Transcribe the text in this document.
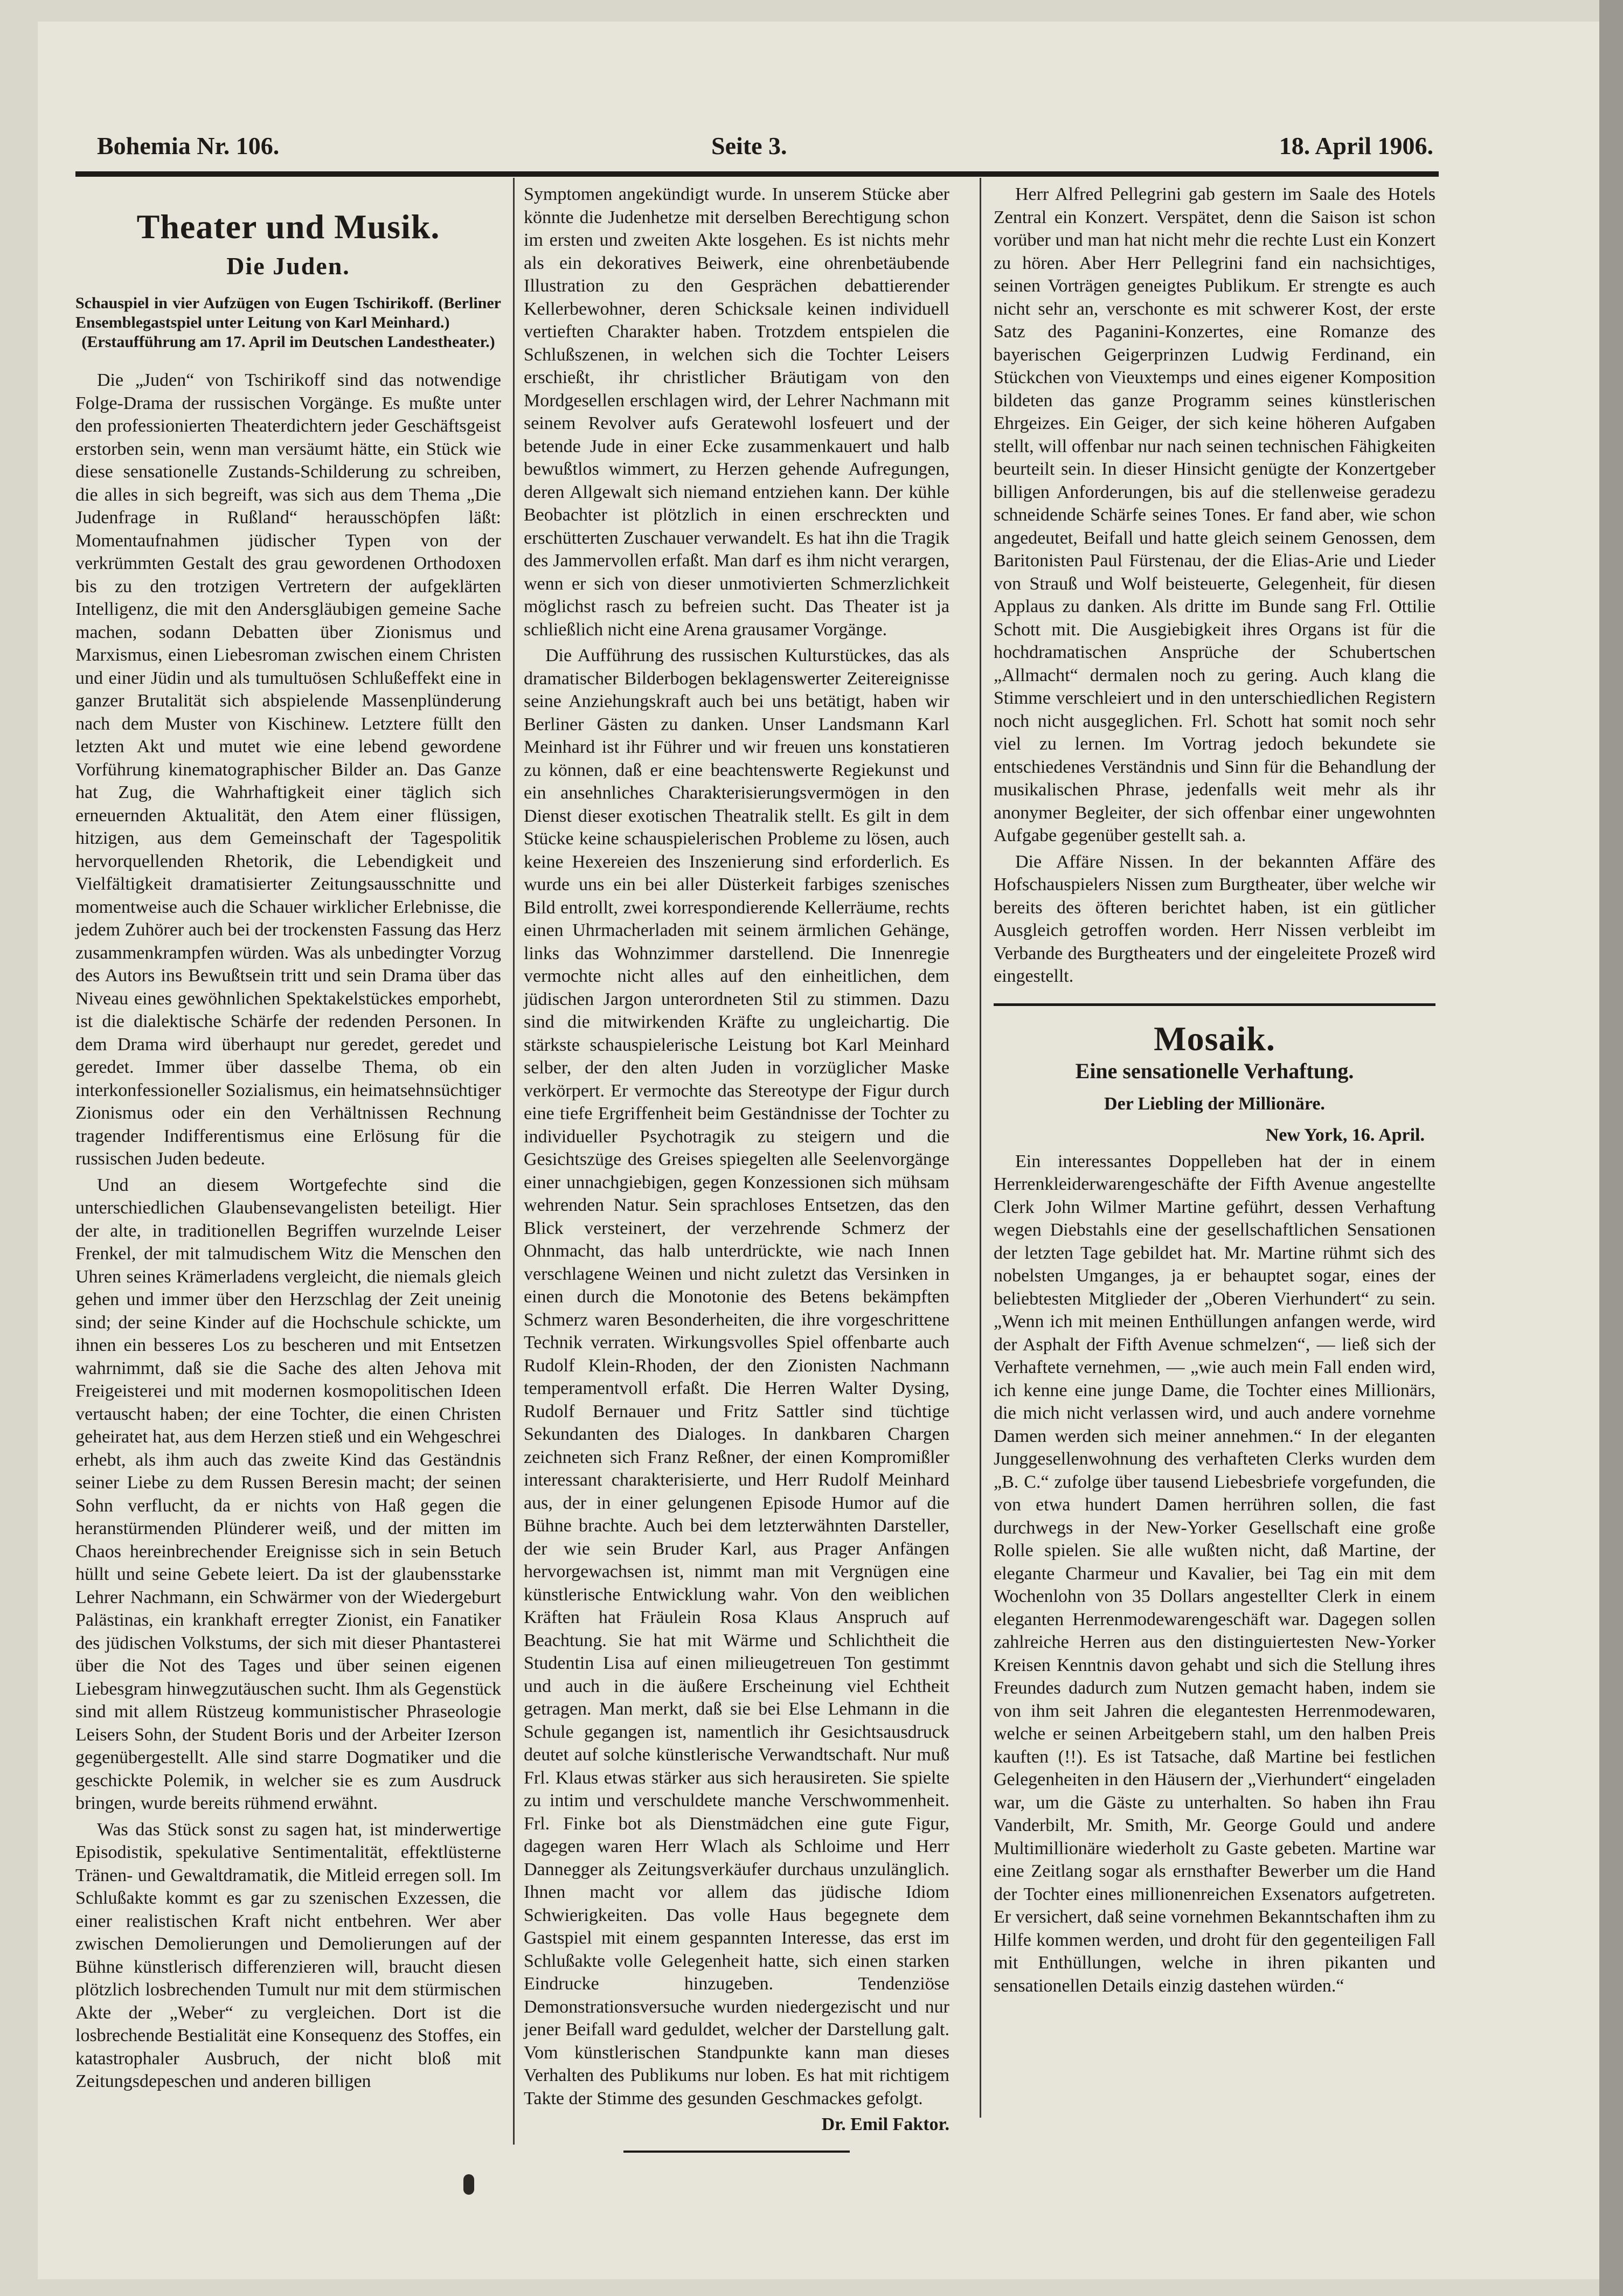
Bohemia Nr. 106.	Seite 3.	18. April 1906.
Theater und Musik.
Die Juden.

Schauspiel in vier Aufzügen von Eugen Tschirikoff. (Berliner Ensemblegastspiel unter Leitung von Karl Meinhard.)

(Erstaufführung am 17. April im Deutschen Landestheater.)

Die „Juden“ von Tschirikoff sind das notwendige Folge-Drama der russischen Vorgänge. Es mußte unter den professionierten Theaterdichtern jeder Geschäftsgeist erstorben sein, wenn man versäumt hätte, ein Stück wie diese sensationelle Zustands-Schilderung zu schreiben, die alles in sich begreift, was sich aus dem Thema „Die Judenfrage in Rußland“ herausschöpfen läßt: Momentaufnahmen jüdischer Typen von der verkrümmten Gestalt des grau gewordenen Orthodoxen bis zu den trotzigen Vertretern der aufgeklärten Intelligenz, die mit den Andersgläubigen gemeine Sache machen, sodann Debatten über Zionismus und Marxismus, einen Liebesroman zwischen einem Christen und einer Jüdin und als tumultuösen Schlußeffekt eine in ganzer Brutalität sich abspielende Massenplünderung nach dem Muster von Kischinew. Letztere füllt den letzten Akt und mutet wie eine lebend gewordene Vorführung kinematographischer Bilder an. Das Ganze hat Zug, die Wahrhaftigkeit einer täglich sich erneuernden Aktualität, den Atem einer flüssigen, hitzigen, aus dem Gemeinschaft der Tagespolitik hervorquellenden Rhetorik, die Lebendigkeit und Vielfältigkeit dramatisierter Zeitungsausschnitte und momentweise auch die Schauer wirklicher Erlebnisse, die jedem Zuhörer auch bei der trockensten Fassung das Herz zusammenkrampfen würden. Was als unbedingter Vorzug des Autors ins Bewußtsein tritt und sein Drama über das Niveau eines gewöhnlichen Spektakelstückes emporhebt, ist die dialektische Schärfe der redenden Personen. In dem Drama wird überhaupt nur geredet, geredet und geredet. Immer über dasselbe Thema, ob ein interkonfessioneller Sozialismus, ein heimatsehnsüchtiger Zionismus oder ein den Verhältnissen Rechnung tragender Indifferentismus eine Erlösung für die russischen Juden bedeute.

Und an diesem Wortgefechte sind die unterschiedlichen Glaubensevangelisten beteiligt. Hier der alte, in traditionellen Begriffen wurzelnde Leiser Frenkel, der mit talmudischem Witz die Menschen den Uhren seines Krämerladens vergleicht, die niemals gleich gehen und immer über den Herzschlag der Zeit uneinig sind; der seine Kinder auf die Hochschule schickte, um ihnen ein besseres Los zu bescheren und mit Entsetzen wahrnimmt, daß sie die Sache des alten Jehova mit Freigeisterei und mit modernen kosmopolitischen Ideen vertauscht haben; der eine Tochter, die einen Christen geheiratet hat, aus dem Herzen stieß und ein Wehgeschrei erhebt, als ihm auch das zweite Kind das Geständnis seiner Liebe zu dem Russen Beresin macht; der seinen Sohn verflucht, da er nichts von Haß gegen die heranstürmenden Plünderer weiß, und der mitten im Chaos hereinbrechender Ereignisse sich in sein Betuch hüllt und seine Gebete leiert. Da ist der glaubensstarke Lehrer Nachmann, ein Schwärmer von der Wiedergeburt Palästinas, ein krankhaft erregter Zionist, ein Fanatiker des jüdischen Volkstums, der sich mit dieser Phantasterei über die Not des Tages und über seinen eigenen Liebesgram hinwegzutäuschen sucht. Ihm als Gegenstück sind mit allem Rüstzeug kommunistischer Phraseologie Leisers Sohn, der Student Boris und der Arbeiter Izerson gegenübergestellt. Alle sind starre Dogmatiker und die geschickte Polemik, in welcher sie es zum Ausdruck bringen, wurde bereits rühmend erwähnt.

Was das Stück sonst zu sagen hat, ist minderwertige Episodistik, spekulative Sentimentalität, effektlüsterne Tränen- und Gewaltdramatik, die Mitleid erregen soll. Im Schlußakte kommt es gar zu szenischen Exzessen, die einer realistischen Kraft nicht entbehren. Wer aber zwischen Demolierungen und Demolierungen auf der Bühne künstlerisch differenzieren will, braucht diesen plötzlich losbrechenden Tumult nur mit dem stürmischen Akte der „Weber“ zu vergleichen. Dort ist die losbrechende Bestialität eine Konsequenz des Stoffes, ein katastrophaler Ausbruch, der nicht bloß mit Zeitungsdepeschen und anderen billigen

Symptomen angekündigt wurde. In unserem Stücke aber könnte die Judenhetze mit derselben Berechtigung schon im ersten und zweiten Akte losgehen. Es ist nichts mehr als ein dekoratives Beiwerk, eine ohrenbetäubende Illustration zu den Gesprächen debattierender Kellerbewohner, deren Schicksale keinen individuell vertieften Charakter haben. Trotzdem entspielen die Schlußszenen, in welchen sich die Tochter Leisers erschießt, ihr christlicher Bräutigam von den Mordgesellen erschlagen wird, der Lehrer Nachmann mit seinem Revolver aufs Geratewohl losfeuert und der betende Jude in einer Ecke zusammenkauert und halb bewußtlos wimmert, zu Herzen gehende Aufregungen, deren Allgewalt sich niemand entziehen kann. Der kühle Beobachter ist plötzlich in einen erschreckten und erschütterten Zuschauer verwandelt. Es hat ihn die Tragik des Jammervollen erfaßt. Man darf es ihm nicht verargen, wenn er sich von dieser unmotivierten Schmerzlichkeit möglichst rasch zu befreien sucht. Das Theater ist ja schließlich nicht eine Arena grausamer Vorgänge.

Die Aufführung des russischen Kulturstückes, das als dramatischer Bilderbogen beklagenswerter Zeitereignisse seine Anziehungskraft auch bei uns betätigt, haben wir Berliner Gästen zu danken. Unser Landsmann Karl Meinhard ist ihr Führer und wir freuen uns konstatieren zu können, daß er eine beachtenswerte Regiekunst und ein ansehnliches Charakterisierungsvermögen in den Dienst dieser exotischen Theatralik stellt. Es gilt in dem Stücke keine schauspielerischen Probleme zu lösen, auch keine Hexereien des Inszenierung sind erforderlich. Es wurde uns ein bei aller Düsterkeit farbiges szenisches Bild entrollt, zwei korrespondierende Kellerräume, rechts einen Uhrmacherladen mit seinem ärmlichen Gehänge, links das Wohnzimmer darstellend. Die Innenregie vermochte nicht alles auf den einheitlichen, dem jüdischen Jargon unterordneten Stil zu stimmen. Dazu sind die mitwirkenden Kräfte zu ungleichartig. Die stärkste schauspielerische Leistung bot Karl Meinhard selber, der den alten Juden in vorzüglicher Maske verkörpert. Er vermochte das Stereotype der Figur durch eine tiefe Ergriffenheit beim Geständnisse der Tochter zu individueller Psychotragik zu steigern und die Gesichtszüge des Greises spiegelten alle Seelenvorgänge einer unnachgiebigen, gegen Konzessionen sich mühsam wehrenden Natur. Sein sprachloses Entsetzen, das den Blick versteinert, der verzehrende Schmerz der Ohnmacht, das halb unterdrückte, wie nach Innen verschlagene Weinen und nicht zuletzt das Versinken in einen durch die Monotonie des Betens bekämpften Schmerz waren Besonderheiten, die ihre vorgeschrittene Technik verraten. Wirkungsvolles Spiel offenbarte auch Rudolf Klein-Rhoden, der den Zionisten Nachmann temperamentvoll erfaßt. Die Herren Walter Dysing, Rudolf Bernauer und Fritz Sattler sind tüchtige Sekundanten des Dialoges. In dankbaren Chargen zeichneten sich Franz Reßner, der einen Kompromißler interessant charakterisierte, und Herr Rudolf Meinhard aus, der in einer gelungenen Episode Humor auf die Bühne brachte. Auch bei dem letzterwähnten Darsteller, der wie sein Bruder Karl, aus Prager Anfängen hervorgewachsen ist, nimmt man mit Vergnügen eine künstlerische Entwicklung wahr. Von den weiblichen Kräften hat Fräulein Rosa Klaus Anspruch auf Beachtung. Sie hat mit Wärme und Schlichtheit die Studentin Lisa auf einen milieugetreuen Ton gestimmt und auch in die äußere Erscheinung viel Echtheit getragen. Man merkt, daß sie bei Else Lehmann in die Schule gegangen ist, namentlich ihr Gesichtsausdruck deutet auf solche künstlerische Verwandtschaft. Nur muß Frl. Klaus etwas stärker aus sich herausireten. Sie spielte zu intim und verschuldete manche Verschwommenheit. Frl. Finke bot als Dienstmädchen eine gute Figur, dagegen waren Herr Wlach als Schloime und Herr Dannegger als Zeitungsverkäufer durchaus unzulänglich. Ihnen macht vor allem das jüdische Idiom Schwierigkeiten. Das volle Haus begegnete dem Gastspiel mit einem gespannten Interesse, das erst im Schlußakte volle Gelegenheit hatte, sich einen starken Eindrucke hinzugeben. Tendenziöse Demonstrationsversuche wurden niedergezischt und nur jener Beifall ward geduldet, welcher der Darstellung galt. Vom künstlerischen Standpunkte kann man dieses Verhalten des Publikums nur loben. Es hat mit richtigem Takte der Stimme des gesunden Geschmackes gefolgt.

Dr. Emil Faktor.

Herr Alfred Pellegrini gab gestern im Saale des Hotels Zentral ein Konzert. Verspätet, denn die Saison ist schon vorüber und man hat nicht mehr die rechte Lust ein Konzert zu hören. Aber Herr Pellegrini fand ein nachsichtiges, seinen Vorträgen geneigtes Publikum. Er strengte es auch nicht sehr an, verschonte es mit schwerer Kost, der erste Satz des Paganini-Konzertes, eine Romanze des bayerischen Geigerprinzen Ludwig Ferdinand, ein Stückchen von Vieuxtemps und eines eigener Komposition bildeten das ganze Programm seines künstlerischen Ehrgeizes. Ein Geiger, der sich keine höheren Aufgaben stellt, will offenbar nur nach seinen technischen Fähigkeiten beurteilt sein. In dieser Hinsicht genügte der Konzertgeber billigen Anforderungen, bis auf die stellenweise geradezu schneidende Schärfe seines Tones. Er fand aber, wie schon angedeutet, Beifall und hatte gleich seinem Genossen, dem Baritonisten Paul Fürstenau, der die Elias-Arie und Lieder von Strauß und Wolf beisteuerte, Gelegenheit, für diesen Applaus zu danken. Als dritte im Bunde sang Frl. Ottilie Schott mit. Die Ausgiebigkeit ihres Organs ist für die hochdramatischen Ansprüche der Schubertschen „Allmacht“ dermalen noch zu gering. Auch klang die Stimme verschleiert und in den unterschiedlichen Registern noch nicht ausgeglichen. Frl. Schott hat somit noch sehr viel zu lernen. Im Vortrag jedoch bekundete sie entschiedenes Verständnis und Sinn für die Behandlung der musikalischen Phrase, jedenfalls weit mehr als ihr anonymer Begleiter, der sich offenbar einer ungewohnten Aufgabe gegenüber gestellt sah. a.

Die Affäre Nissen. In der bekannten Affäre des Hofschauspielers Nissen zum Burgtheater, über welche wir bereits des öfteren berichtet haben, ist ein gütlicher Ausgleich getroffen worden. Herr Nissen verbleibt im Verbande des Burgtheaters und der eingeleitete Prozeß wird eingestellt.

Mosaik.
Eine sensationelle Verhaftung.
Der Liebling der Millionäre.
New York, 16. April.

Ein interessantes Doppelleben hat der in einem Herrenkleiderwarengeschäfte der Fifth Avenue angestellte Clerk John Wilmer Martine geführt, dessen Verhaftung wegen Diebstahls eine der gesellschaftlichen Sensationen der letzten Tage gebildet hat. Mr. Martine rühmt sich des nobelsten Umganges, ja er behauptet sogar, eines der beliebtesten Mitglieder der „Oberen Vierhundert“ zu sein. „Wenn ich mit meinen Enthüllungen anfangen werde, wird der Asphalt der Fifth Avenue schmelzen“, — ließ sich der Verhaftete vernehmen, — „wie auch mein Fall enden wird, ich kenne eine junge Dame, die Tochter eines Millionärs, die mich nicht verlassen wird, und auch andere vornehme Damen werden sich meiner annehmen.“ In der eleganten Junggesellenwohnung des verhafteten Clerks wurden dem „B. C.“ zufolge über tausend Liebesbriefe vorgefunden, die von etwa hundert Damen herrühren sollen, die fast durchwegs in der New-Yorker Gesellschaft eine große Rolle spielen. Sie alle wußten nicht, daß Martine, der elegante Charmeur und Kavalier, bei Tag ein mit dem Wochenlohn von 35 Dollars angestellter Clerk in einem eleganten Herrenmodewarengeschäft war. Dagegen sollen zahlreiche Herren aus den distinguiertesten New-Yorker Kreisen Kenntnis davon gehabt und sich die Stellung ihres Freundes dadurch zum Nutzen gemacht haben, indem sie von ihm seit Jahren die elegantesten Herrenmodewaren, welche er seinen Arbeitgebern stahl, um den halben Preis kauften (!!). Es ist Tatsache, daß Martine bei festlichen Gelegenheiten in den Häusern der „Vierhundert“ eingeladen war, um die Gäste zu unterhalten. So haben ihn Frau Vanderbilt, Mr. Smith, Mr. George Gould und andere Multimillionäre wiederholt zu Gaste gebeten. Martine war eine Zeitlang sogar als ernsthafter Bewerber um die Hand der Tochter eines millionenreichen Exsenators aufgetreten. Er versichert, daß seine vornehmen Bekanntschaften ihm zu Hilfe kommen werden, und droht für den gegenteiligen Fall mit Enthüllungen, welche in ihren pikanten und sensationellen Details einzig dastehen würden.“
